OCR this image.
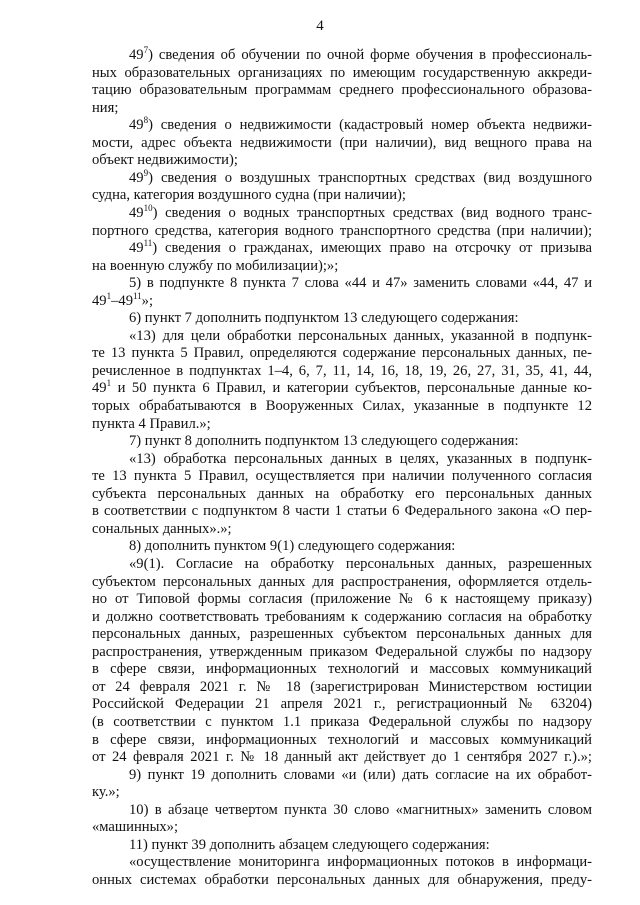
4
$49^7$) сведения об обучении по очной форме обучения в профессиональ-
ных образовательных организациях по имеющим государственную аккреди-
тацию образовательным программам среднего профессионального образова-
ния;
$49^8$) сведения о недвижимости (кадастровый номер объекта недвижи-
мости, адрес объекта недвижимости (при наличии), вид вещного права на
объект недвижимости);
$49^9$) сведения о воздушных транспортных средствах (вид воздушного
судна, категория воздушного судна (при наличии);
$49^{10}$) сведения о водных транспортных средствах (вид водного транс-
портного средства, категория водного транспортного средства (при наличии);
$49^{11}$) сведения о гражданах, имеющих право на отсрочку от призыва
на военную службу по мобилизации);»;
5) в подпункте 8 пункта 7 слова «44 и 47» заменить словами «44, 47 и
$49^1-49^{11}$»;
6) пункт 7 дополнить подпунктом 13 следующего содержания:
«13) для цели обработки персональных данных, указанной в подпунк-
те 13 пункта 5 Правил, определяются содержание персональных данных, пе-
речисленное в подпунктах 1–4, 6, 7, 11, 14, 16, 18, 19, 26, 27, 31, 35, 41, 44,
$49^1$ и 50 пункта 6 Правил, и категории субъектов, персональные данные ко-
торых обрабатываются в Вооруженных Силах, указанные в подпункте 12
пункта 4 Правил.»;
7) пункт 8 дополнить подпунктом 13 следующего содержания:
«13) обработка персональных данных в целях, указанных в подпунк-
те 13 пункта 5 Правил, осуществляется при наличии полученного согласия
субъекта персональных данных на обработку его персональных данных
в соответствии с подпунктом 8 части 1 статьи 6 Федерального закона «О пер-
сональных данных».»;
8) дополнить пунктом 9(1) следующего содержания:
«9(1). Согласие на обработку персональных данных, разрешенных
субъектом персональных данных для распространения, оформляется отдель-
но от Типовой формы согласия (приложение № 6 к настоящему приказу)
и должно соответствовать требованиям к содержанию согласия на обработку
персональных данных, разрешенных субъектом персональных данных для
распространения, утвержденным приказом Федеральной службы по надзору
в сфере связи, информационных технологий и массовых коммуникаций
от 24 февраля 2021 г. № 18 (зарегистрирован Министерством юстиции
Российской Федерации 21 апреля 2021 г., регистрационный № 63204)
(в соответствии с пунктом 1.1 приказа Федеральной службы по надзору
в сфере связи, информационных технологий и массовых коммуникаций
от 24 февраля 2021 г. № 18 данный акт действует до 1 сентября 2027 г.).»;
9) пункт 19 дополнить словами «и (или) дать согласие на их обработ-
ку.»;
10) в абзаце четвертом пункта 30 слово «магнитных» заменить словом
«машинных»;
11) пункт 39 дополнить абзацем следующего содержания:
«осуществление мониторинга информационных потоков в информаци-
онных системах обработки персональных данных для обнаружения, преду-
